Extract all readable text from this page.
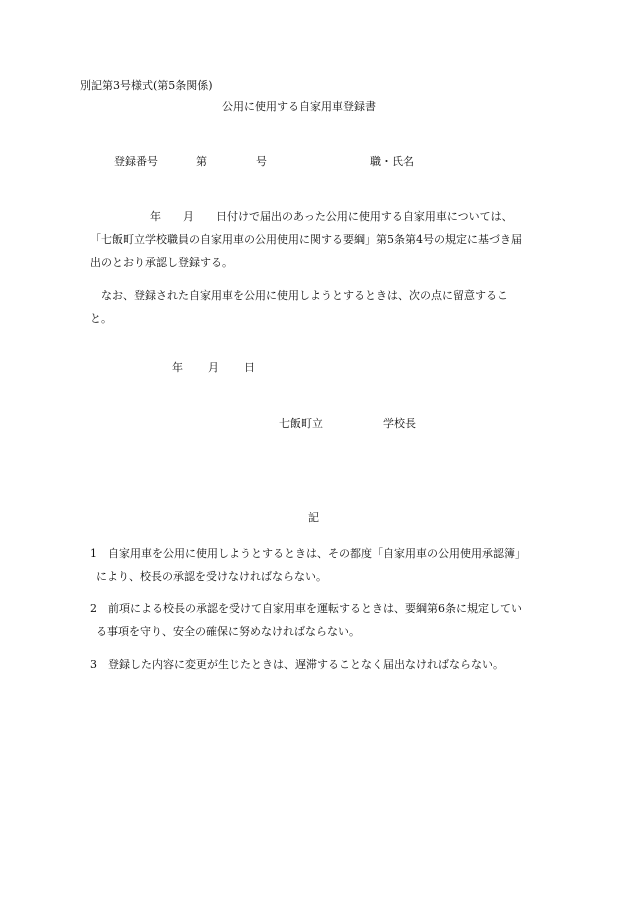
別記第3号様式(第5条関係)
公用に使用する自家用車登録書
登録番号	第	号	職・氏名
年　　月　　日付けで届出のあった公用に使用する自家用車については、
「七飯町立学校職員の自家用車の公用使用に関する要綱」第5条第4号の規定に基づき届
出のとおり承認し登録する。
なお、登録された自家用車を公用に使用しようとするときは、次の点に留意するこ
と。
年 月 日
七飯町立	学校長
記
1　自家用車を公用に使用しようとするときは、その都度「自家用車の公用使用承認簿」
により、校長の承認を受けなければならない。
2　前項による校長の承認を受けて自家用車を運転するときは、要綱第6条に規定してい
る事項を守り、安全の確保に努めなければならない。
3　登録した内容に変更が生じたときは、遅滞することなく届出なければならない。
